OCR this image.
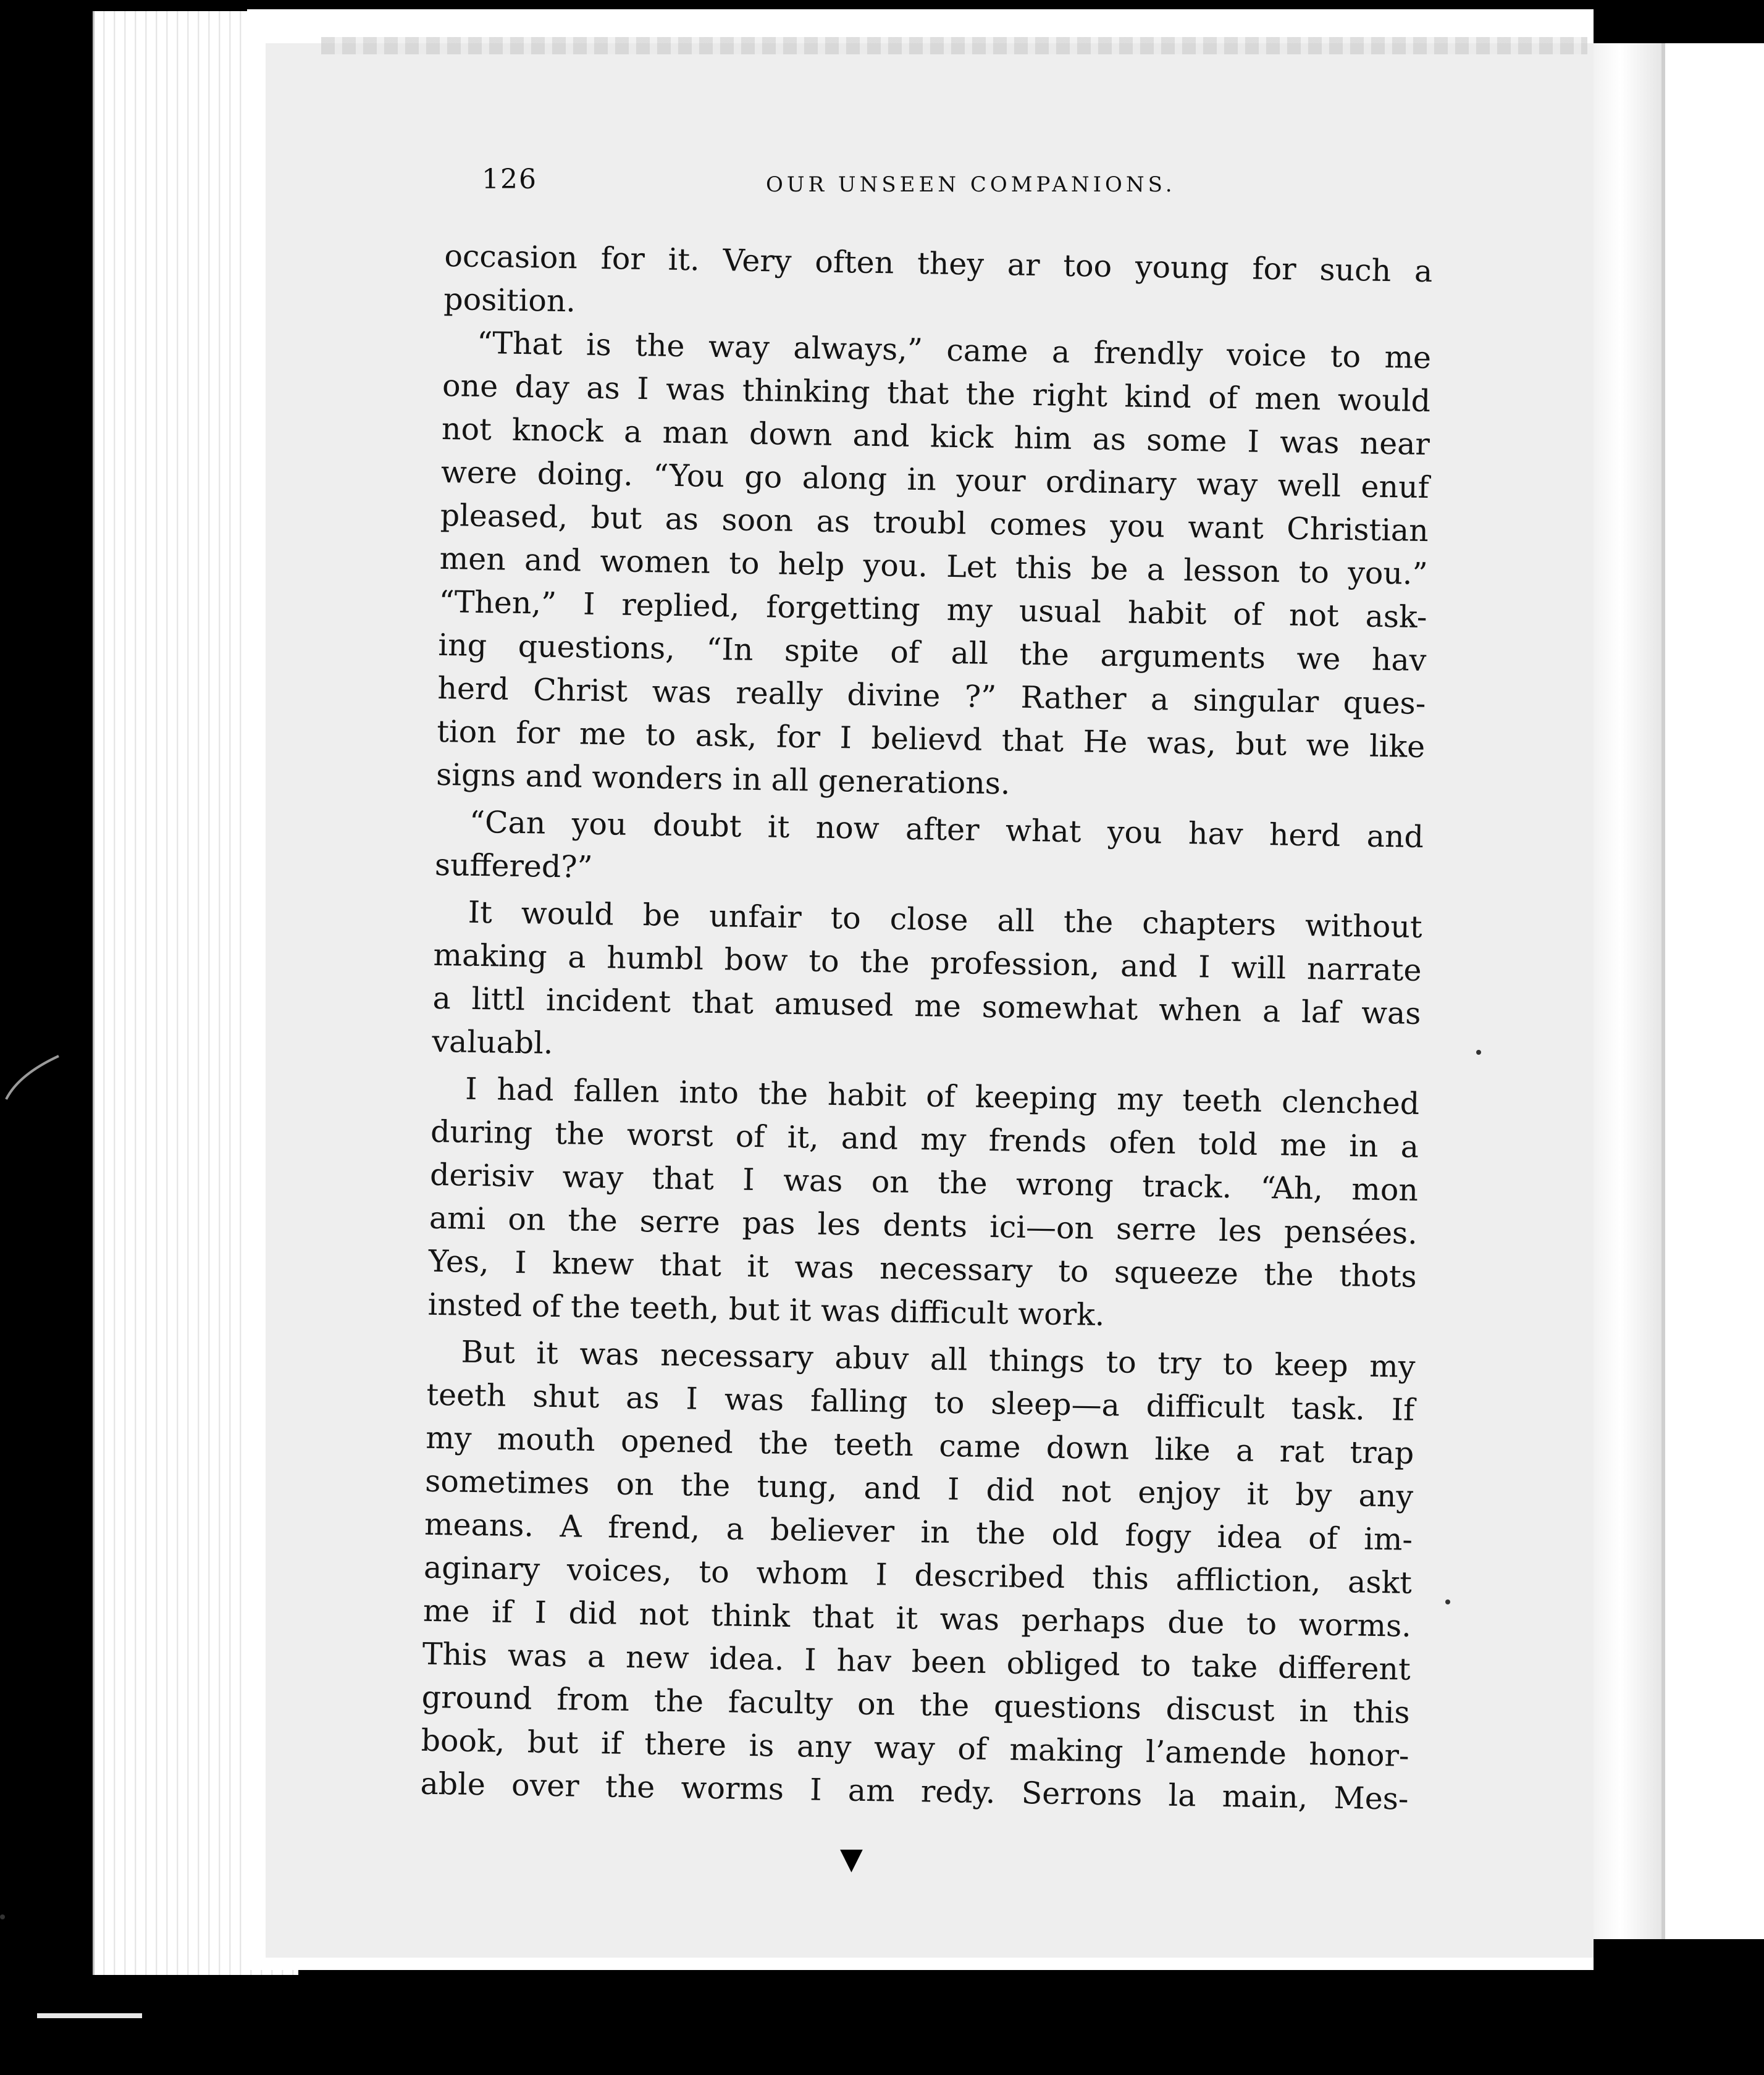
126	OUR UNSEEN COMPANIONS.
occasion for it. Very often they ar too young for such a
position.
“That is the way always,” came a frendly voice to me
one day as I was thinking that the right kind of men would
not knock a man down and kick him as some I was near
were doing. “You go along in your ordinary way well enuf
pleased, but as soon as troubl comes you want Christian
men and women to help you. Let this be a lesson to you.”
“Then,” I replied, forgetting my usual habit of not ask-
ing questions, “In spite of all the arguments we hav
herd Christ was really divine ?” Rather a singular ques-
tion for me to ask, for I believd that He was, but we like
signs and wonders in all generations.
“Can you doubt it now after what you hav herd and
suffered?”
It would be unfair to close all the chapters without
making a humbl bow to the profession, and I will narrate
a littl incident that amused me somewhat when a laf was
valuabl.
I had fallen into the habit of keeping my teeth clenched
during the worst of it, and my frends ofen told me in a
derisiv way that I was on the wrong track. “Ah, mon
ami on the serre pas les dents ici—on serre les pensées.
Yes, I knew that it was necessary to squeeze the thots
insted of the teeth, but it was difficult work.
But it was necessary abuv all things to try to keep my
teeth shut as I was falling to sleep—a difficult task. If
my mouth opened the teeth came down like a rat trap
sometimes on the tung, and I did not enjoy it by any
means. A frend, a believer in the old fogy idea of im-
aginary voices, to whom I described this affliction, askt
me if I did not think that it was perhaps due to worms.
This was a new idea. I hav been obliged to take different
ground from the faculty on the questions discust in this
book, but if there is any way of making l’amende honor-
able over the worms I am redy. Serrons la main, Mes-
▼
